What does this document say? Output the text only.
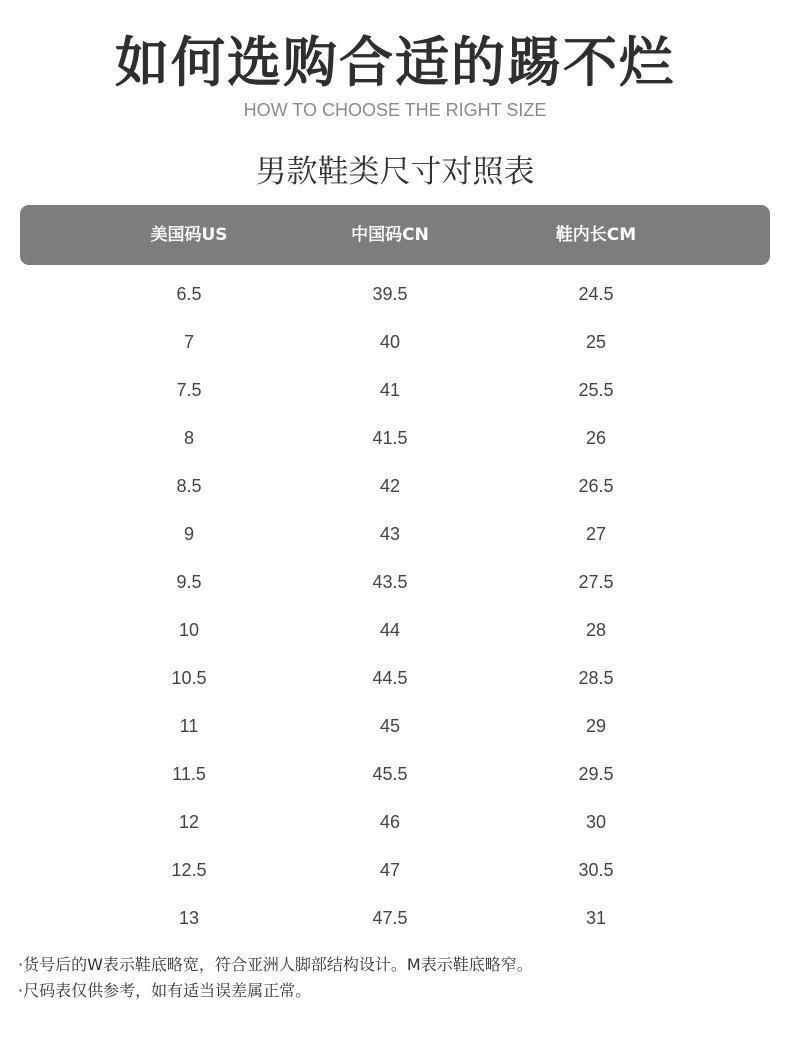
如何选购合适的踢不烂
HOW TO CHOOSE THE RIGHT SIZE
男款鞋类尺寸对照表
美国码US	中国码CN	鞋内长CM
6.5	39.5	24.5
7	40	25
7.5	41	25.5
8	41.5	26
8.5	42	26.5
9	43	27
9.5	43.5	27.5
10	44	28
10.5	44.5	28.5
11	45	29
11.5	45.5	29.5
12	46	30
12.5	47	30.5
13	47.5	31
·货号后的W表示鞋底略宽，符合亚洲人脚部结构设计。M表示鞋底略窄。
·尺码表仅供参考，如有适当误差属正常。
